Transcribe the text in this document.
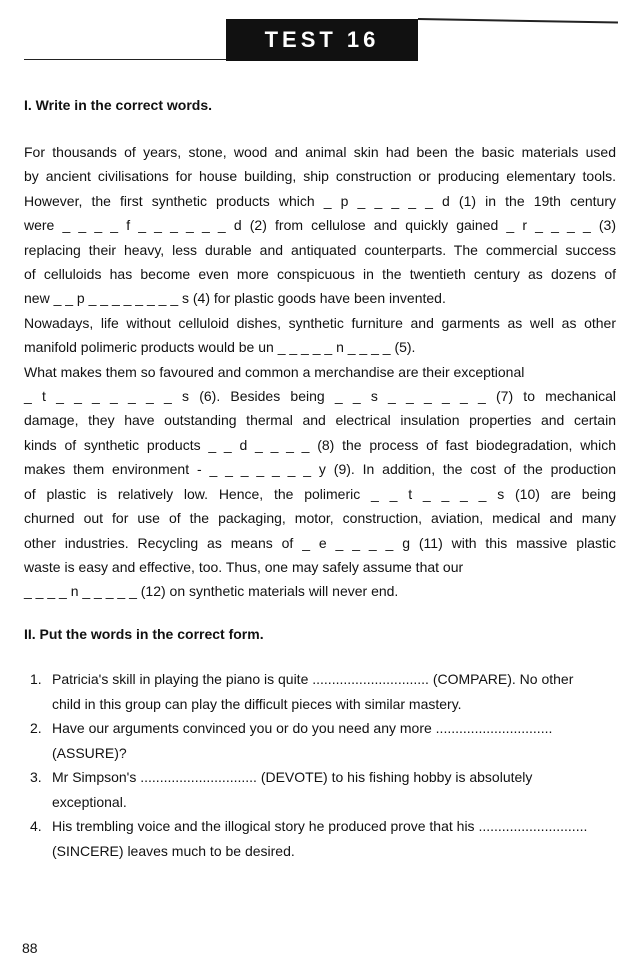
TEST 16
I. Write in the correct words.
For thousands of years, stone, wood and animal skin had been the basic materials used
by ancient civilisations for house building, ship construction or producing elementary tools.
However, the first synthetic products which _ p _ _ _ _ _ d (1) in the 19th century
were _ _ _ _ f _ _ _ _ _ _ d (2) from cellulose and quickly gained _ r _ _ _ _ (3)
replacing their heavy, less durable and antiquated counterparts. The commercial success
of celluloids has become even more conspicuous in the twentieth century as dozens of
new _ _ p _ _ _ _ _ _ _ _ s (4) for plastic goods have been invented.
Nowadays, life without celluloid dishes, synthetic furniture and garments as well as other
manifold polimeric products would be un _ _ _ _ _ n _ _ _ _ (5).
What makes them so favoured and common a merchandise are their exceptional
_ t _ _ _ _ _ _ _ s (6). Besides being _ _ s _ _ _ _ _ _ (7) to mechanical
damage, they have outstanding thermal and electrical insulation properties and certain
kinds of synthetic products _ _ d _ _ _ _ (8) the process of fast biodegradation, which
makes them environment - _ _ _ _ _ _ _ y (9). In addition, the cost of the production
of plastic is relatively low. Hence, the polimeric _ _ t _ _ _ _ s (10) are being
churned out for use of the packaging, motor, construction, aviation, medical and many
other industries. Recycling as means of _ e _ _ _ _ g (11) with this massive plastic
waste is easy and effective, too. Thus, one may safely assume that our
_ _ _ _ n _ _ _ _ _ (12) on synthetic materials will never end.
II. Put the words in the correct form.
1. Patricia's skill in playing the piano is quite .............................. (COMPARE). No other
child in this group can play the difficult pieces with similar mastery.
2. Have our arguments convinced you or do you need any more ..............................
(ASSURE)?
3. Mr Simpson's .............................. (DEVOTE) to his fishing hobby is absolutely
exceptional.
4. His trembling voice and the illogical story he produced prove that his ............................
(SINCERE) leaves much to be desired.
88
